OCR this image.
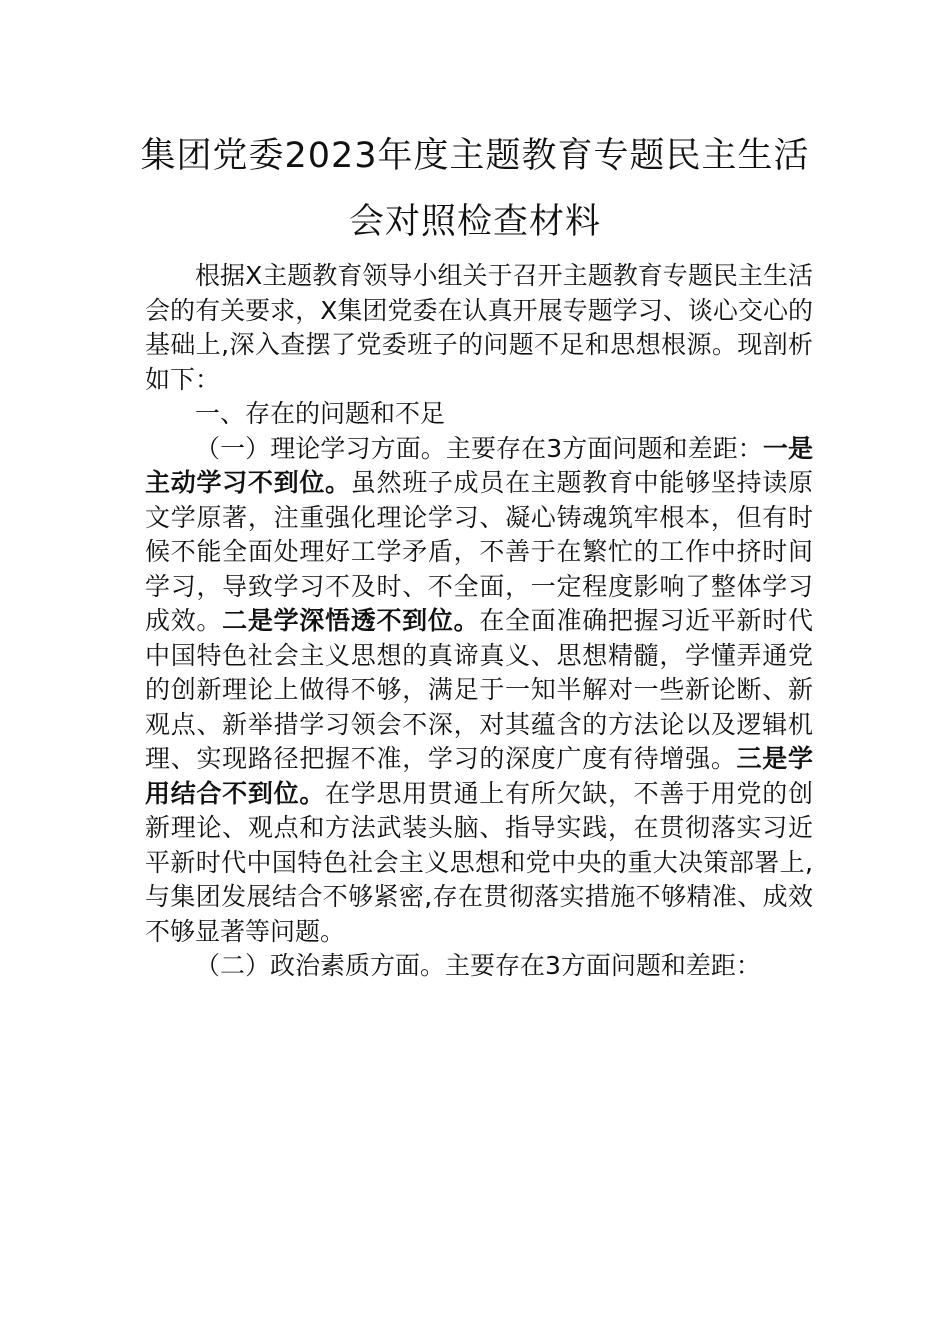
集团党委2023年度主题教育专题民主生活
会对照检查材料

根据X主题教育领导小组关于召开主题教育专题民主生活会的有关要求，X集团党委在认真开展专题学习、谈心交心的基础上,深入查摆了党委班子的问题不足和思想根源。现剖析如下：

一、存在的问题和不足

（一）理论学习方面。主要存在3方面问题和差距：一是主动学习不到位。虽然班子成员在主题教育中能够坚持读原文学原著，注重强化理论学习、凝心铸魂筑牢根本，但有时候不能全面处理好工学矛盾，不善于在繁忙的工作中挤时间学习，导致学习不及时、不全面，一定程度影响了整体学习成效。二是学深悟透不到位。在全面准确把握习近平新时代中国特色社会主义思想的真谛真义、思想精髓，学懂弄通党的创新理论上做得不够，满足于一知半解对一些新论断、新观点、新举措学习领会不深，对其蕴含的方法论以及逻辑机理、实现路径把握不准，学习的深度广度有待增强。三是学用结合不到位。在学思用贯通上有所欠缺，不善于用党的创新理论、观点和方法武装头脑、指导实践，在贯彻落实习近平新时代中国特色社会主义思想和党中央的重大决策部署上,与集团发展结合不够紧密,存在贯彻落实措施不够精准、成效不够显著等问题。

（二）政治素质方面。主要存在3方面问题和差距：
